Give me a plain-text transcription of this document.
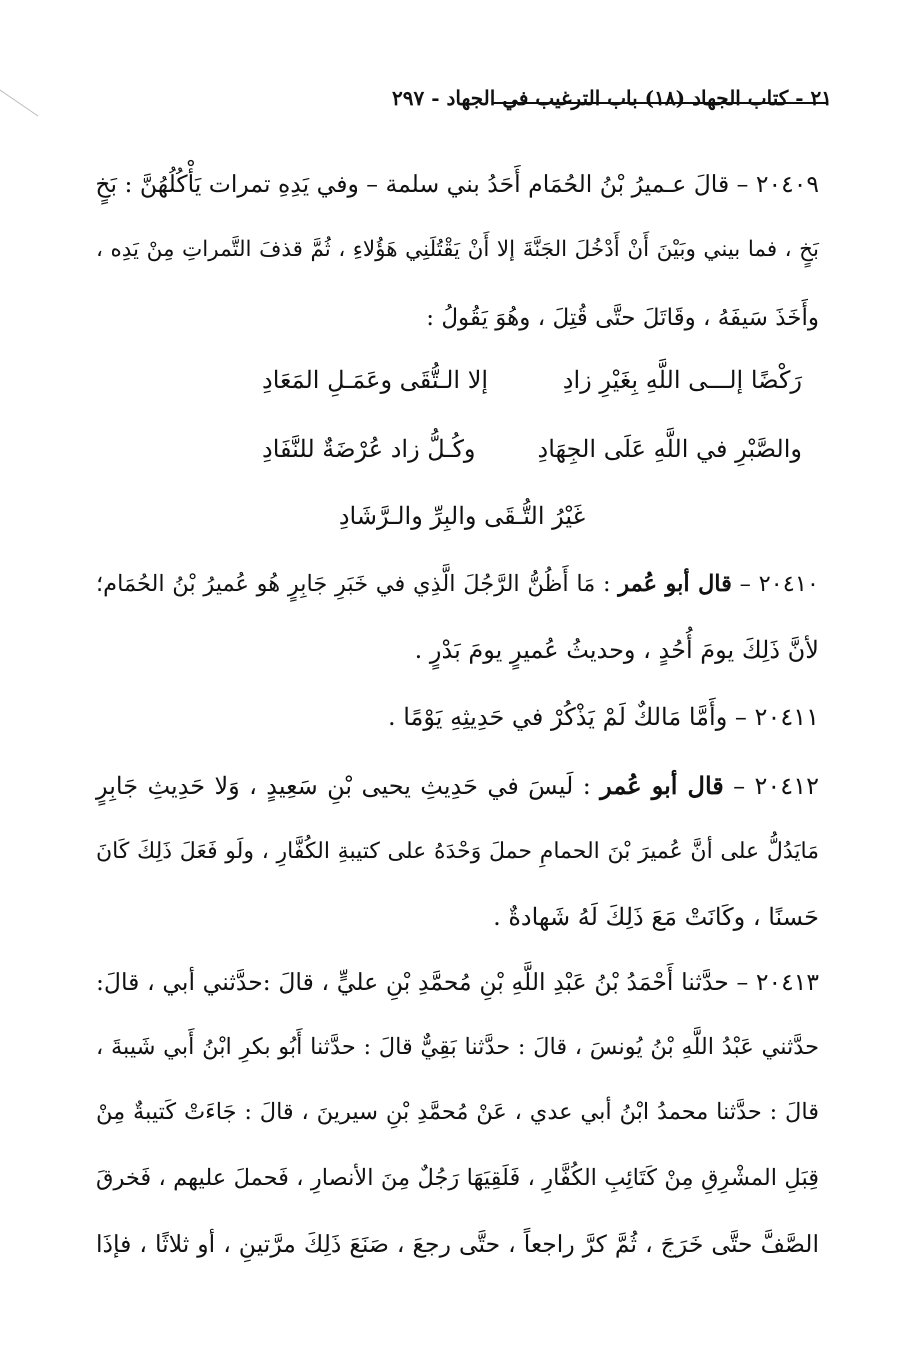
٢١ - كتاب الجهاد (١٨) باب الترغيب في الجهاد - ٢٩٧
٢٠٤٠٩ – قالَ عـميرُ بْنُ الحُمَام أَحَدُ بني سلمة – وفي يَدِهِ تمرات يَأْكُلُهُنَّ : بَخٍ
بَخٍ ، فما بيني وبَيْنَ أَنْ أَدْخُلَ الجَنَّةَ إلا أَنْ يَقْتُلَنِي هَؤُلاءِ ، ثُمَّ قذفَ التَّمراتِ مِنْ يَدِه ،
وأَخَذَ سَيفَهُ ، وقَاتَلَ حتَّى قُتِلَ ، وهُوَ يَقُولُ :
رَكْضًا إلـــى اللَّهِ بِغَيْرِ زادِ
إلا الـتُّقَى وعَمَـلِ المَعَادِ
والصَّبْرِ في اللَّهِ عَلَى الجِهَادِ
وكُـلُّ زاد عُرْضَةٌ للنَّفَادِ
غَيْرُ التُّـقَى والبِرِّ والـرَّشَادِ
٢٠٤١٠ – قال أبو عُمر : مَا أَظُنُّ الرَّجُلَ الَّذِي في خَبَرِ جَابِرٍ هُو عُميرُ بْنُ الحُمَام؛
لأنَّ ذَلِكَ يومَ أُحُدٍ ، وحديثُ عُميرٍ يومَ بَدْرٍ .
٢٠٤١١ – وأَمَّا مَالكٌ لَمْ يَذْكُرْ في حَدِيثِهِ يَوْمًا .
٢٠٤١٢ – قال أبو عُمر : لَيسَ في حَدِيثِ يحيى بْنِ سَعِيدٍ ، وَلا حَدِيثِ جَابِرٍ
مَايَدُلُّ على أنَّ عُميرَ بْنَ الحمامِ حملَ وَحْدَهُ على كتيبةِ الكُفَّارِ ، ولَو فَعَلَ ذَلِكَ كَانَ
حَسنًا ، وكَانَتْ مَعَ ذَلِكَ لَهُ شَهادةٌ .
٢٠٤١٣ – حدَّثنا أَحْمَدُ بْنُ عَبْدِ اللَّهِ بْنِ مُحمَّدِ بْنِ عليٍّ ، قالَ :حدَّثني أبي ، قالَ:
حدَّثني عَبْدُ اللَّهِ بْنُ يُونسَ ، قالَ : حدَّثنا بَقِيٌّ قالَ : حدَّثنا أَبُو بكرِ ابْنُ أَبي شَيبةَ ،
قالَ : حدَّثنا محمدُ ابْنُ أبي عدي ، عَنْ مُحمَّدِ بْنِ سيرينَ ، قالَ : جَاءَتْ كَتيبةٌ مِنْ
قِبَلِ المشْرِقِ مِنْ كَتَائِبِ الكُفَّارِ ، فَلَقِيَهَا رَجُلٌ مِنَ الأنصارِ ، فَحملَ عليهم ، فَخرقَ
الصَّفَّ حتَّى خَرَجَ ، ثُمَّ كرَّ راجعاً ، حتَّى رجعَ ، صَنَعَ ذَلِكَ مرَّتينِ ، أو ثلاثًا ، فإذَا
